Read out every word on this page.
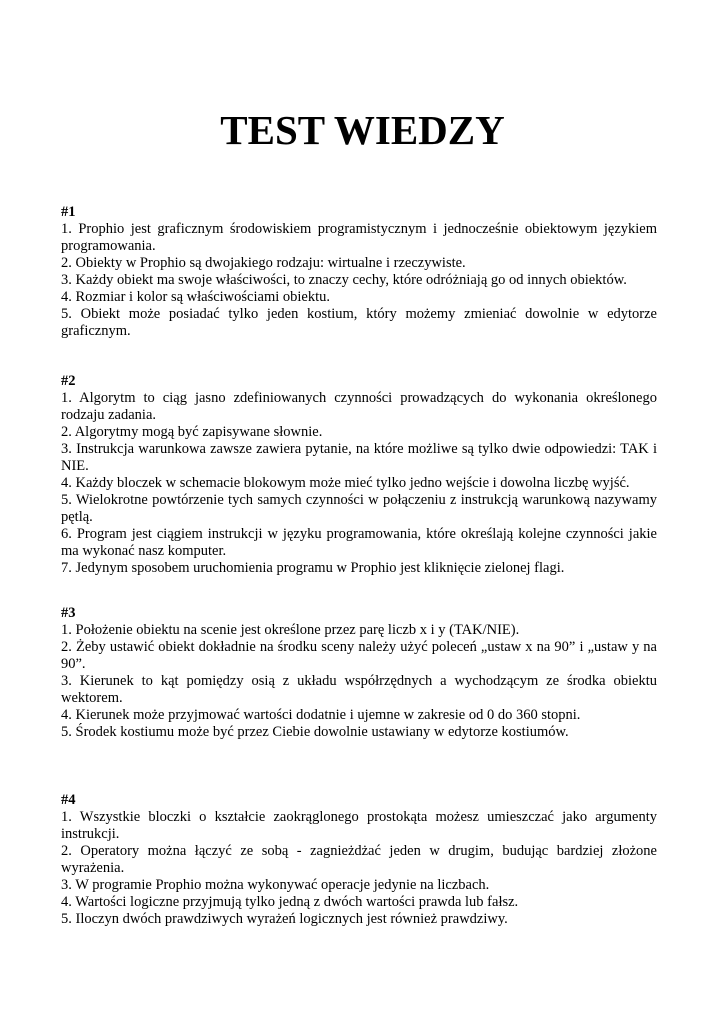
TEST WIEDZY

#1

1. Prophio jest graficznym środowiskiem programistycznym i jednocześnie obiektowym językiem programowania.

2. Obiekty w Prophio są dwojakiego rodzaju: wirtualne i rzeczywiste.

3. Każdy obiekt ma swoje właściwości, to znaczy cechy, które odróżniają go od innych obiektów.

4. Rozmiar i kolor są właściwościami obiektu.

5. Obiekt może posiadać tylko jeden kostium, który możemy zmieniać dowolnie w edytorze graficznym.

#2

1. Algorytm to ciąg jasno zdefiniowanych czynności prowadzących do wykonania określonego rodzaju zadania.

2. Algorytmy mogą być zapisywane słownie.

3. Instrukcja warunkowa zawsze zawiera pytanie, na które możliwe są tylko dwie odpowiedzi: TAK i NIE.

4. Każdy bloczek w schemacie blokowym może mieć tylko jedno wejście i dowolna liczbę wyjść.

5. Wielokrotne powtórzenie tych samych czynności w połączeniu z instrukcją warunkową nazywamy pętlą.

6. Program jest ciągiem instrukcji w języku programowania, które określają kolejne czynności jakie ma wykonać nasz komputer.

7. Jedynym sposobem uruchomienia programu w Prophio jest kliknięcie zielonej flagi.

#3

1. Położenie obiektu na scenie jest określone przez parę liczb x i y (TAK/NIE).

2. Żeby ustawić obiekt dokładnie na środku sceny należy użyć poleceń „ustaw x na 90” i „ustaw y na 90”.

3. Kierunek to kąt pomiędzy osią z układu współrzędnych a wychodzącym ze środka obiektu wektorem.

4. Kierunek może przyjmować wartości dodatnie i ujemne w zakresie od 0 do 360 stopni.

5. Środek kostiumu może być przez Ciebie dowolnie ustawiany w edytorze kostiumów.

#4

1. Wszystkie bloczki o kształcie zaokrąglonego prostokąta możesz umieszczać jako argumenty instrukcji.

2. Operatory można łączyć ze sobą - zagnieżdżać jeden w drugim, budując bardziej złożone wyrażenia.

3. W programie Prophio można wykonywać operacje jedynie na liczbach.

4. Wartości logiczne przyjmują tylko jedną z dwóch wartości prawda lub fałsz.

5. Iloczyn dwóch prawdziwych wyrażeń logicznych jest również prawdziwy.
